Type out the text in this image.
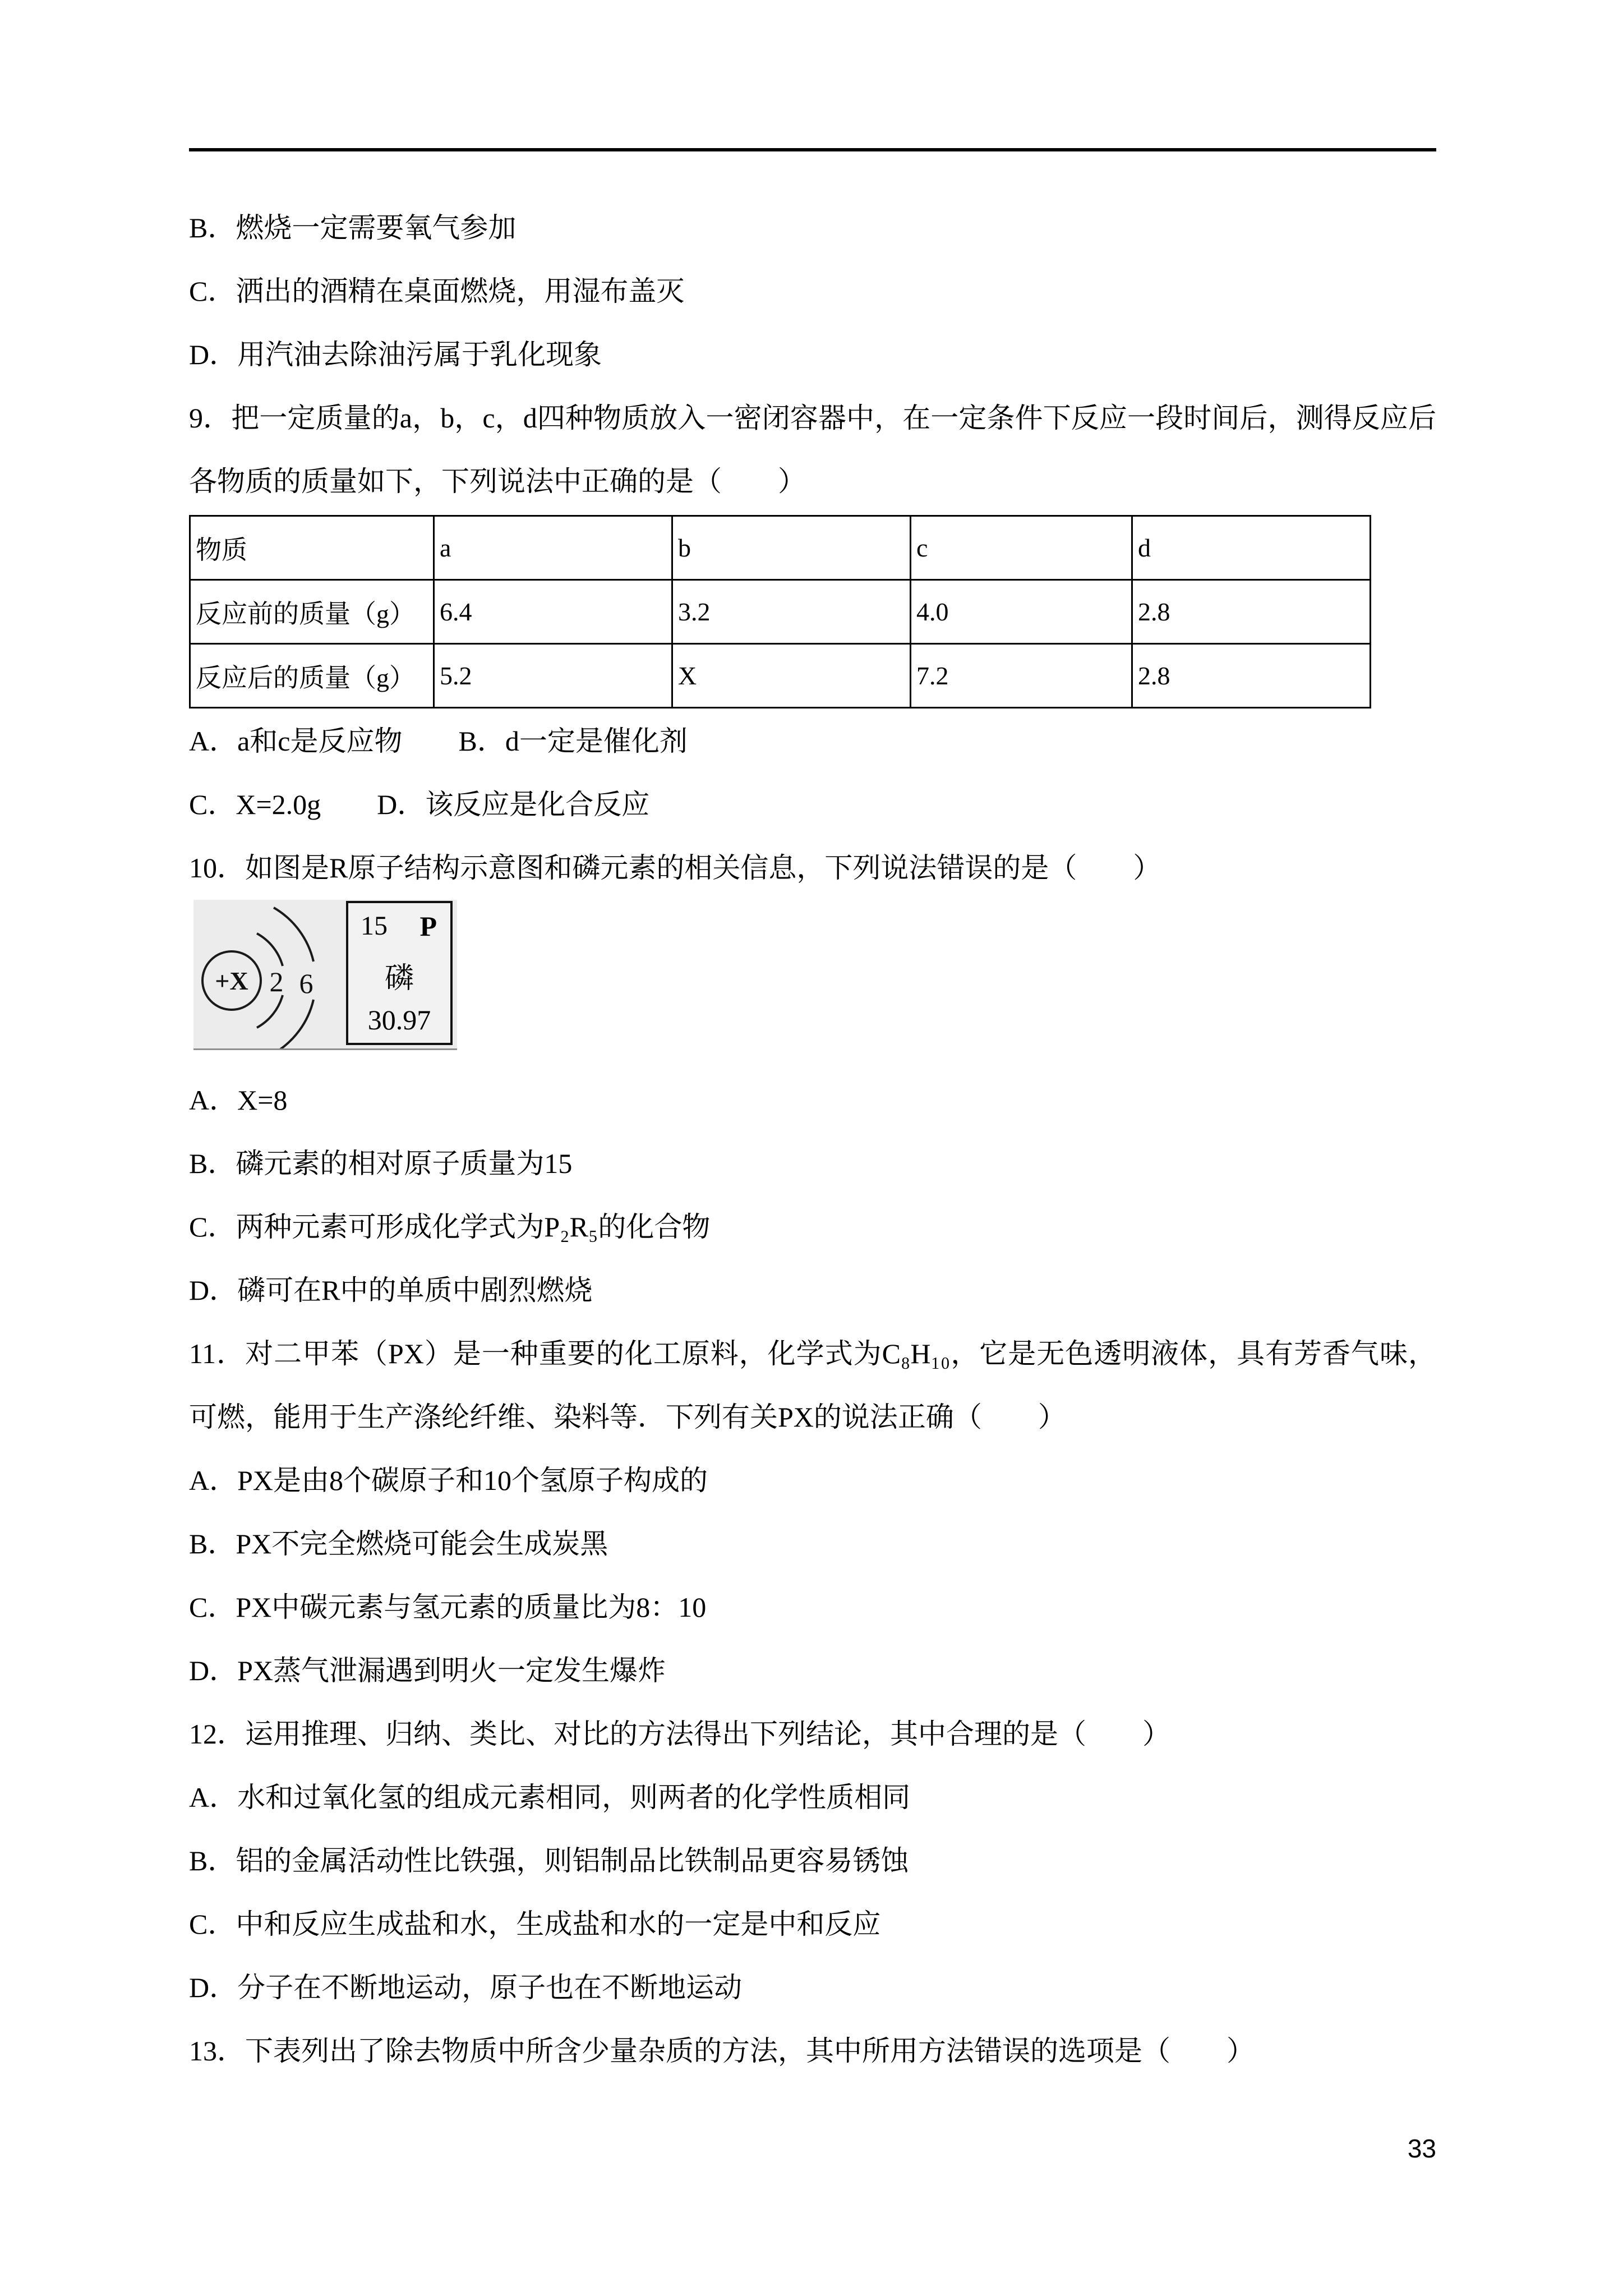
B．燃烧一定需要氧气参加

C．洒出的酒精在桌面燃烧，用湿布盖灭

D．用汽油去除油污属于乳化现象

9．把一定质量的a，b，c，d四种物质放入一密闭容器中，在一定条件下反应一段时间后，测得反应后各物质的质量如下，下列说法中正确的是（　　）

物质	a	b	c	d
反应前的质量（g）	6.4	3.2	4.0	2.8
反应后的质量（g）	5.2	X	7.2	2.8

A．a和c是反应物　　B．d一定是催化剂

C．X=2.0g　　D．该反应是化合反应

10．如图是R原子结构示意图和磷元素的相关信息，下列说法错误的是（　　）

+X 2 6
15 P
磷
30.97

A．X=8

B．磷元素的相对原子质量为15

C．两种元素可形成化学式为P₂R₅的化合物

D．磷可在R中的单质中剧烈燃烧

11．对二甲苯（PX）是一种重要的化工原料，化学式为C₈H₁₀，它是无色透明液体，具有芳香气味，可燃，能用于生产涤纶纤维、染料等．下列有关PX的说法正确（　　）

A．PX是由8个碳原子和10个氢原子构成的

B．PX不完全燃烧可能会生成炭黑

C．PX中碳元素与氢元素的质量比为8：10

D．PX蒸气泄漏遇到明火一定发生爆炸

12．运用推理、归纳、类比、对比的方法得出下列结论，其中合理的是（　　）

A．水和过氧化氢的组成元素相同，则两者的化学性质相同

B．铝的金属活动性比铁强，则铝制品比铁制品更容易锈蚀

C．中和反应生成盐和水，生成盐和水的一定是中和反应

D．分子在不断地运动，原子也在不断地运动

13．下表列出了除去物质中所含少量杂质的方法，其中所用方法错误的选项是（　　）

33
